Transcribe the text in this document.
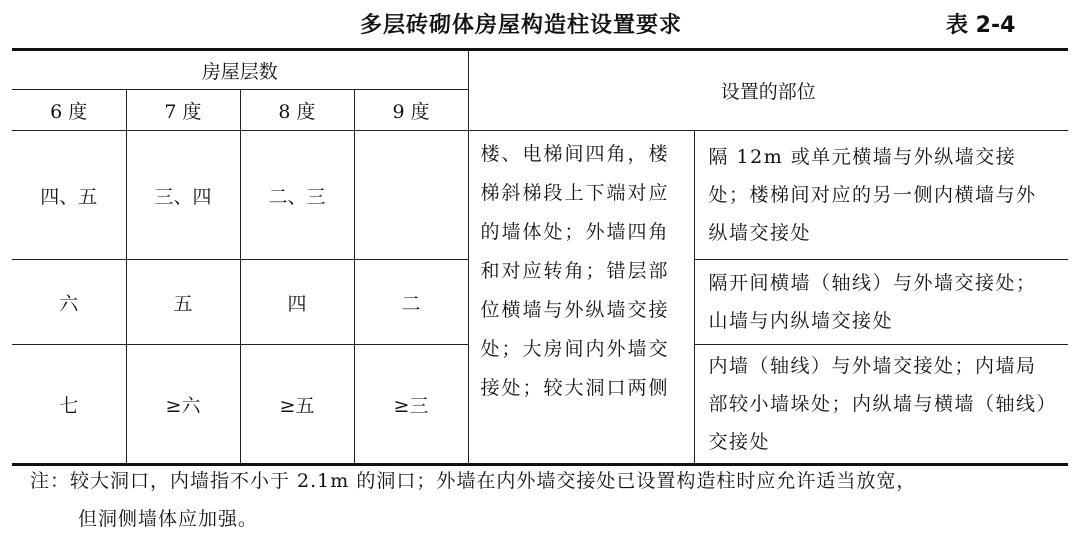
多层砖砌体房屋构造柱设置要求	表 2-4
房屋层数				设置的部位	
6 度	7 度	8 度	9 度		
四、五	三、四	二、三		楼、电梯间四角，楼梯斜梯段上下端对应的墙体处；外墙四角和对应转角；错层部位横墙与外纵墙交接处；大房间内外墙交接处；较大洞口两侧	隔 12m 或单元横墙与外纵墙交接处；楼梯间对应的另一侧内横墙与外纵墙交接处
六	五	四	二		隔开间横墙（轴线）与外墙交接处；山墙与内纵墙交接处
七	≥六	≥五	≥三		内墙（轴线）与外墙交接处；内墙局部较小墙垛处；内纵墙与横墙（轴线）交接处
注：较大洞口，内墙指不小于 2.1m 的洞口；外墙在内外墙交接处已设置构造柱时应允许适当放宽，
但洞侧墙体应加强。
